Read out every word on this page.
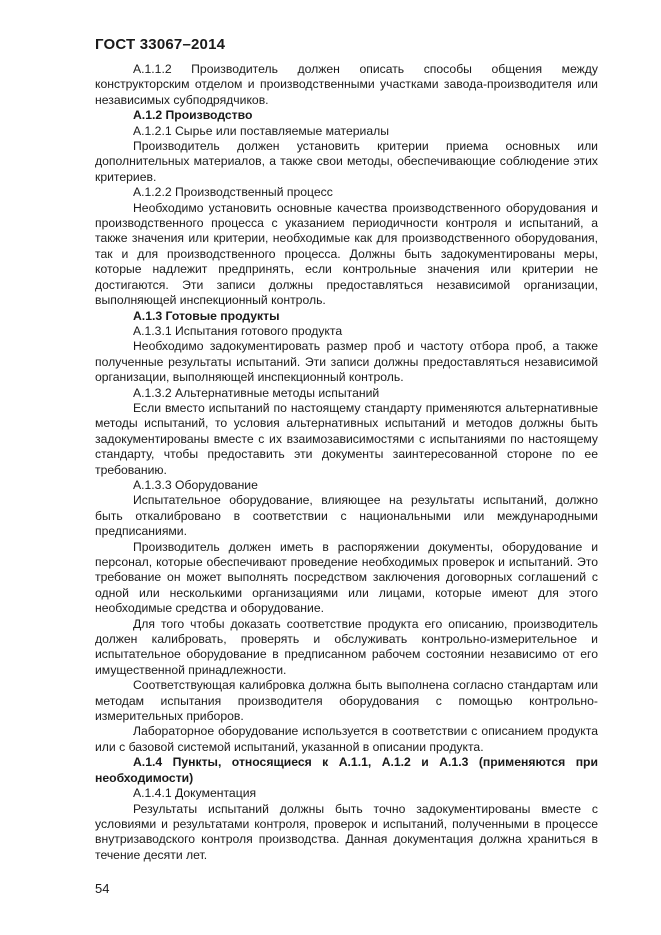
ГОСТ 33067–2014

А.1.1.2 Производитель должен описать способы общения между конструкторским отделом и производственными участками завода-производителя или независимых субподрядчиков.

А.1.2 Производство

А.1.2.1 Сырье или поставляемые материалы

Производитель должен установить критерии приема основных или дополнительных материалов, а также свои методы, обеспечивающие соблюдение этих критериев.

А.1.2.2 Производственный процесс

Необходимо установить основные качества производственного оборудования и производственного процесса с указанием периодичности контроля и испытаний, а также значения или критерии, необходимые как для производственного оборудования, так и для производственного процесса. Должны быть задокументированы меры, которые надлежит предпринять, если контрольные значения или критерии не достигаются. Эти записи должны предоставляться независимой организации, выполняющей инспекционный контроль.

А.1.3 Готовые продукты

А.1.3.1 Испытания готового продукта

Необходимо задокументировать размер проб и частоту отбора проб, а также полученные результаты испытаний. Эти записи должны предоставляться независимой организации, выполняющей инспекционный контроль.

А.1.3.2 Альтернативные методы испытаний

Если вместо испытаний по настоящему стандарту применяются альтернативные методы испытаний, то условия альтернативных испытаний и методов должны быть задокументированы вместе с их взаимозависимостями с испытаниями по настоящему стандарту, чтобы предоставить эти документы заинтересованной стороне по ее требованию.

А.1.3.3 Оборудование

Испытательное оборудование, влияющее на результаты испытаний, должно быть откалибровано в соответствии с национальными или международными предписаниями.

Производитель должен иметь в распоряжении документы, оборудование и персонал, которые обеспечивают проведение необходимых проверок и испытаний. Это требование он может выполнять посредством заключения договорных соглашений с одной или несколькими организациями или лицами, которые имеют для этого необходимые средства и оборудование.

Для того чтобы доказать соответствие продукта его описанию, производитель должен калибровать, проверять и обслуживать контрольно-измерительное и испытательное оборудование в предписанном рабочем состоянии независимо от его имущественной принадлежности.

Соответствующая калибровка должна быть выполнена согласно стандартам или методам испытания производителя оборудования с помощью контрольно-измерительных приборов.

Лабораторное оборудование используется в соответствии с описанием продукта или с базовой системой испытаний, указанной в описании продукта.

А.1.4 Пункты, относящиеся к А.1.1, А.1.2 и А.1.3 (применяются при необходимости)

А.1.4.1 Документация

Результаты испытаний должны быть точно задокументированы вместе с условиями и результатами контроля, проверок и испытаний, полученными в процессе внутризаводского контроля производства. Данная документация должна храниться в течение десяти лет.

54
